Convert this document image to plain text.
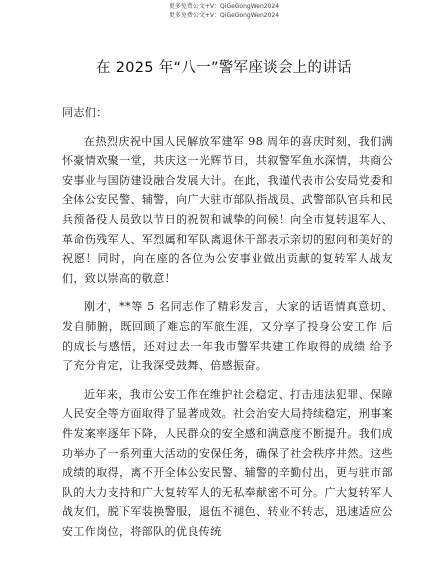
更多免费公文+V：QiGeGongWen2024
更多免费公文+V：QiGeGongWen2024
在 2025 年“八一”警军座谈会上的讲话

同志们：

在热烈庆祝中国人民解放军建军 98 周年的喜庆时刻，我们满怀豪情欢聚一堂，共庆这一光辉节日，共叙警军鱼水深情，共商公安事业与国防建设融合发展大计。在此，我谨代表市公安局党委和全体公安民警、辅警，向广大驻市部队指战员、武警部队官兵和民兵预备役人员致以节日的祝贺和诚挚的问候！向全市复转退军人、革命伤残军人、军烈属和军队离退休干部表示亲切的慰问和美好的祝愿！同时，向在座的各位为公安事业做出贡献的复转军人战友们，致以崇高的敬意！

刚才，**等 5 名同志作了精彩发言，大家的话语情真意切、 发自肺腑，既回顾了难忘的军旅生涯，又分享了投身公安工作 后的成长与感悟，还对过去一年我市警军共建工作取得的成绩 给予了充分肯定，让我深受鼓舞、倍感振奋。

近年来，我市公安工作在维护社会稳定、打击违法犯罪、保障人民安全等方面取得了显著成效。社会治安大局持续稳定，刑事案件发案率逐年下降，人民群众的安全感和满意度不断提升。我们成功举办了一系列重大活动的安保任务，确保了社会秩序井然。这些成绩的取得，离不开全体公安民警、辅警的辛勤付出，更与驻市部队的大力支持和广大复转军人的无私奉献密不可分。广大复转军人战友们，脱下军装换警服，退伍不褪色、转业不转志，迅速适应公安工作岗位，将部队的优良传统
